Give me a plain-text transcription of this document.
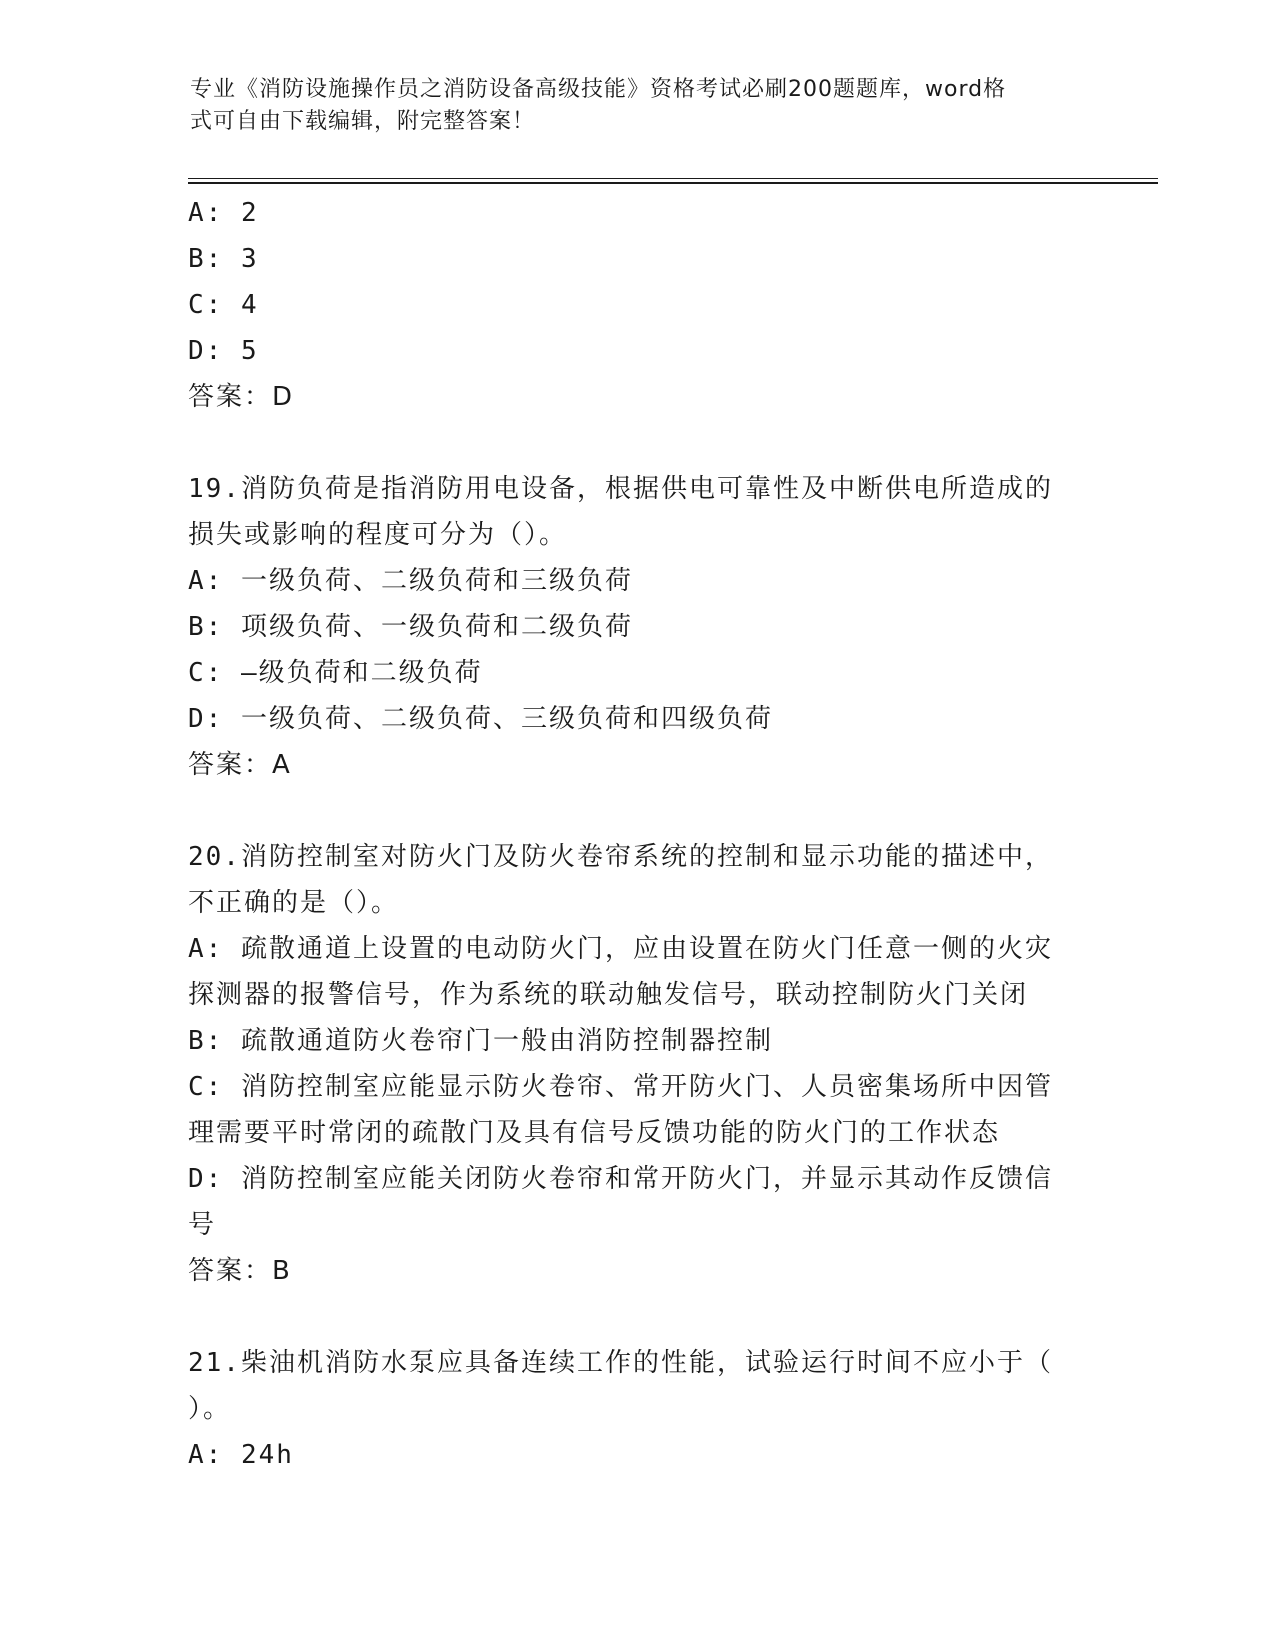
专业《消防设施操作员之消防设备高级技能》资格考试必刷200题题库，word格
式可自由下载编辑，附完整答案！
A: 2
B: 3
C: 4
D: 5
答案：D
19.消防负荷是指消防用电设备，根据供电可靠性及中断供电所造成的
损失或影响的程度可分为（）。
A: 一级负荷、二级负荷和三级负荷
B: 项级负荷、一级负荷和二级负荷
C: —级负荷和二级负荷
D: 一级负荷、二级负荷、三级负荷和四级负荷
答案：A
20.消防控制室对防火门及防火卷帘系统的控制和显示功能的描述中，
不正确的是（）。
A: 疏散通道上设置的电动防火门，应由设置在防火门任意一侧的火灾
探测器的报警信号，作为系统的联动触发信号，联动控制防火门关闭
B: 疏散通道防火卷帘门一般由消防控制器控制
C: 消防控制室应能显示防火卷帘、常开防火门、人员密集场所中因管
理需要平时常闭的疏散门及具有信号反馈功能的防火门的工作状态
D: 消防控制室应能关闭防火卷帘和常开防火门，并显示其动作反馈信
号
答案：B
21.柴油机消防水泵应具备连续工作的性能，试验运行时间不应小于（
）。
A: 24h
